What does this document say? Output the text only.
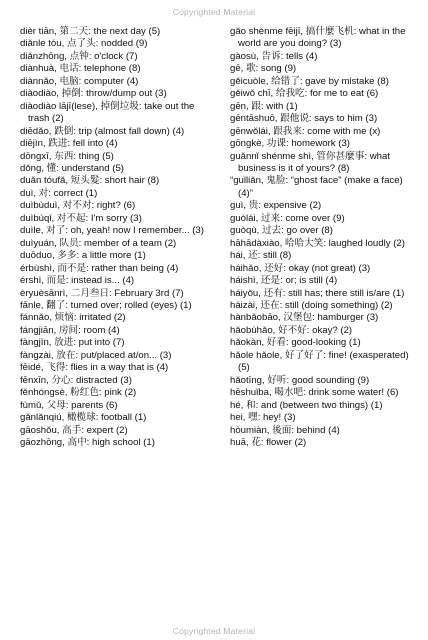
Copyrighted Material

dièr tiān, 第二天: the next day (5)

diǎnle tóu, 点了头: nodded (9)

diǎnzhōng, 点钟: o'clock (7)

diànhuà, 电话: telephone (8)

diànnǎo, 电脑: computer (4)

diàodiào, 掉倒: throw/dump out (3)

diàodiào lājī(lese), 掉倒垃圾: take out the trash (2)

diēdǎo, 跌倒: trip (almost fall down) (4)

diējìn, 跌进: fell into (4)

dōngxī, 东西: thing (5)

dǒng, 懂: understand (5)

duǎn tóufǎ, 短头髮: short hair (8)

duì, 对: correct (1)

duìbùduì, 对不对: right? (6)

duìbùqǐ, 对不起: I'm sorry (3)

duìle, 对了: oh, yeah! now I remember... (3)

duìyuán, 队员: member of a team (2)

duōduo, 多多: a little more (1)

érbùshì, 而不是: rather than being (4)

érshì, 而是: instead is... (4)

èryuèsānrì, 二月叁日: February 3rd (7)

fānle, 翻了: turned over; rolled (eyes) (1)

fánnǎo, 烦恼: irritated (2)

fángjiān, 房间: room (4)

fàngjìn, 放进: put into (7)

fàngzài, 放在: put/placed at/on... (3)

fēidé, 飞得: flies in a way that is (4)

fēnxīn, 分心: distracted (3)

fěnhóngsè, 粉红色: pink (2)

fùmǔ, 父母: parents (6)

gǎnlǎnqiú, 橄榄球: football (1)

gāoshǒu, 高手: expert (2)

gāozhōng, 高中: high school (1)

gǎo shénme fēijī, 搞什麼飞机: what in the world are you doing? (3)

gàosù, 告诉: tells (4)

gē, 歌: song (9)

gěicuòle, 给错了: gave by mistake (8)

gěiwǒ chī, 给我吃: for me to eat (6)

gēn, 跟: with (1)

gēntāshuō, 跟他说: says to him (3)

gēnwǒlái, 跟我来: come with me (x)

gōngkè, 功课: homework (3)

guǎnnǐ shénme shì, 管你甚麼事: what business is it of yours? (8)

“guǐliǎn, 鬼脸: “ghost face” (make a face) (4)”

guì, 贵: expensive (2)

guòlái, 过来: come over (9)

guòqù, 过去: go over (8)

hāhādàxiào, 哈哈大笑: laughed loudly (2)

hái, 还: still (8)

háihǎo, 还好: okay (not great) (3)

háishì, 还是: or; is still (4)

háiyǒu, 还有: still has; there still is/are (1)

háizài, 还在: still (doing something) (2)

hànbǎobāo, 汉堡包: hamburger (3)

hǎobùhǎo, 好不好: okay? (2)

hǎokàn, 好看: good-looking (1)

hǎole hǎole, 好了好了: fine! (exasperated) (5)

hǎotīng, 好听: good sounding (9)

hēshuǐba, 喝水吧: drink some water! (6)

hé, 和: and (between two things) (1)

hei, 嘿: hey! (3)

hòumiàn, 後面: behind (4)

huā, 花: flower (2)

Copyrighted Material
